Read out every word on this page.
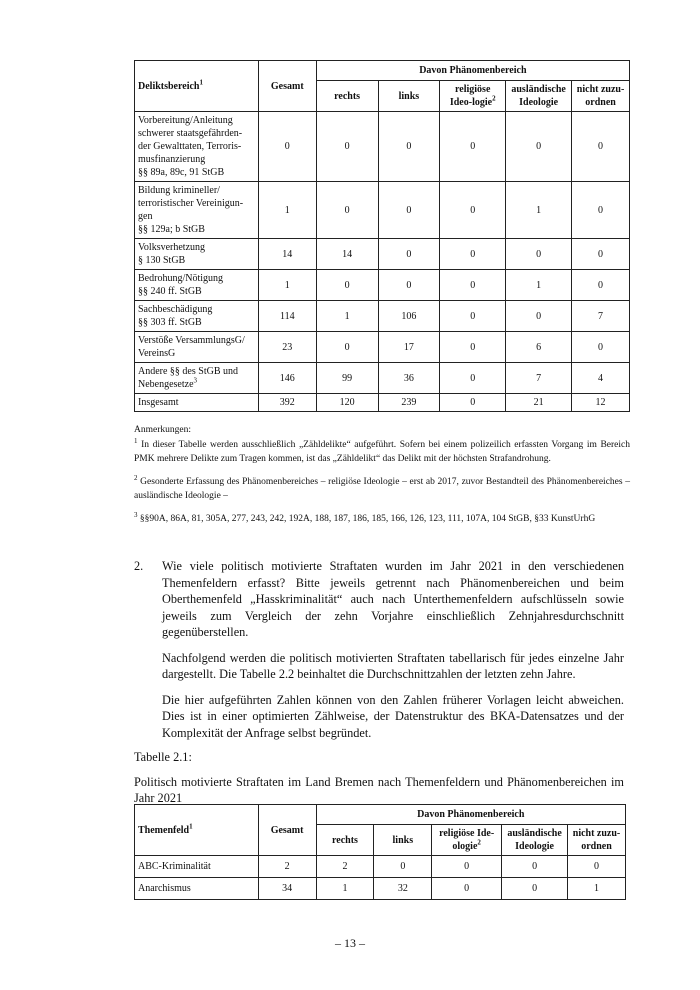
Deliktsbereich$^1$	Gesamt	Davon Phänomenbereich				
		rechts	links	religiöse Ideo-logie$^2$	ausländische Ideologie	nicht zuzu-ordnen
Vorbereitung/Anleitung
schwerer staatsgefährden-
der Gewalttaten, Terroris-
musfinanzierung
§§ 89a, 89c, 91 StGB	0	0	0	0	0	0
Bildung krimineller/
terroristischer Vereinigun-
gen
§§ 129a; b StGB	1	0	0	0	1	0
Volksverhetzung
§ 130 StGB	14	14	0	0	0	0
Bedrohung/Nötigung
§§ 240 ff. StGB	1	0	0	0	1	0
Sachbeschädigung
§§ 303 ff. StGB	114	1	106	0	0	7
Verstöße VersammlungsG/
VereinsG	23	0	17	0	6	0
Andere §§ des StGB und
Nebengesetze$^3$	146	99	36	0	7	4
Insgesamt	392	120	239	0	21	12

Anmerkungen:

$^1$ In dieser Tabelle werden ausschließlich „Zähldelikte“ aufgeführt. Sofern bei einem polizeilich erfassten Vorgang im Bereich PMK mehrere Delikte zum Tragen kommen, ist das „Zähldelikt“ das Delikt mit der höchsten Strafandrohung.

$^2$ Gesonderte Erfassung des Phänomenbereiches – religiöse Ideologie – erst ab 2017, zuvor Bestandteil des Phänomenbereiches – ausländische Ideologie –

$^3$ §§90A, 86A, 81, 305A, 277, 243, 242, 192A, 188, 187, 186, 185, 166, 126, 123, 111, 107A, 104 StGB, §33 KunstUrhG

2.	Wie viele politisch motivierte Straftaten wurden im Jahr 2021 in den verschiedenen Themenfeldern erfasst? Bitte jeweils getrennt nach Phänomenbereichen und beim Oberthemenfeld „Hasskriminalität“ auch nach Unterthemenfeldern aufschlüsseln sowie jeweils zum Vergleich der zehn Vorjahre einschließlich Zehnjahresdurchschnitt gegenüberstellen.

Nachfolgend werden die politisch motivierten Straftaten tabellarisch für jedes einzelne Jahr dargestellt. Die Tabelle 2.2 beinhaltet die Durchschnittzahlen der letzten zehn Jahre.

Die hier aufgeführten Zahlen können von den Zahlen früherer Vorlagen leicht abweichen. Dies ist in einer optimierten Zählweise, der Datenstruktur des BKA-Datensatzes und der Komplexität der Anfrage selbst begründet.

Tabelle 2.1:

Politisch motivierte Straftaten im Land Bremen nach Themenfeldern und Phänomenbereichen im Jahr 2021

Themenfeld$^1$	Gesamt	Davon Phänomenbereich				
		rechts	links	religiöse Ide-ologie$^2$	ausländische Ideologie	nicht zuzu-ordnen
ABC-Kriminalität	2	2	0	0	0	0
Anarchismus	34	1	32	0	0	1
– 13 –
